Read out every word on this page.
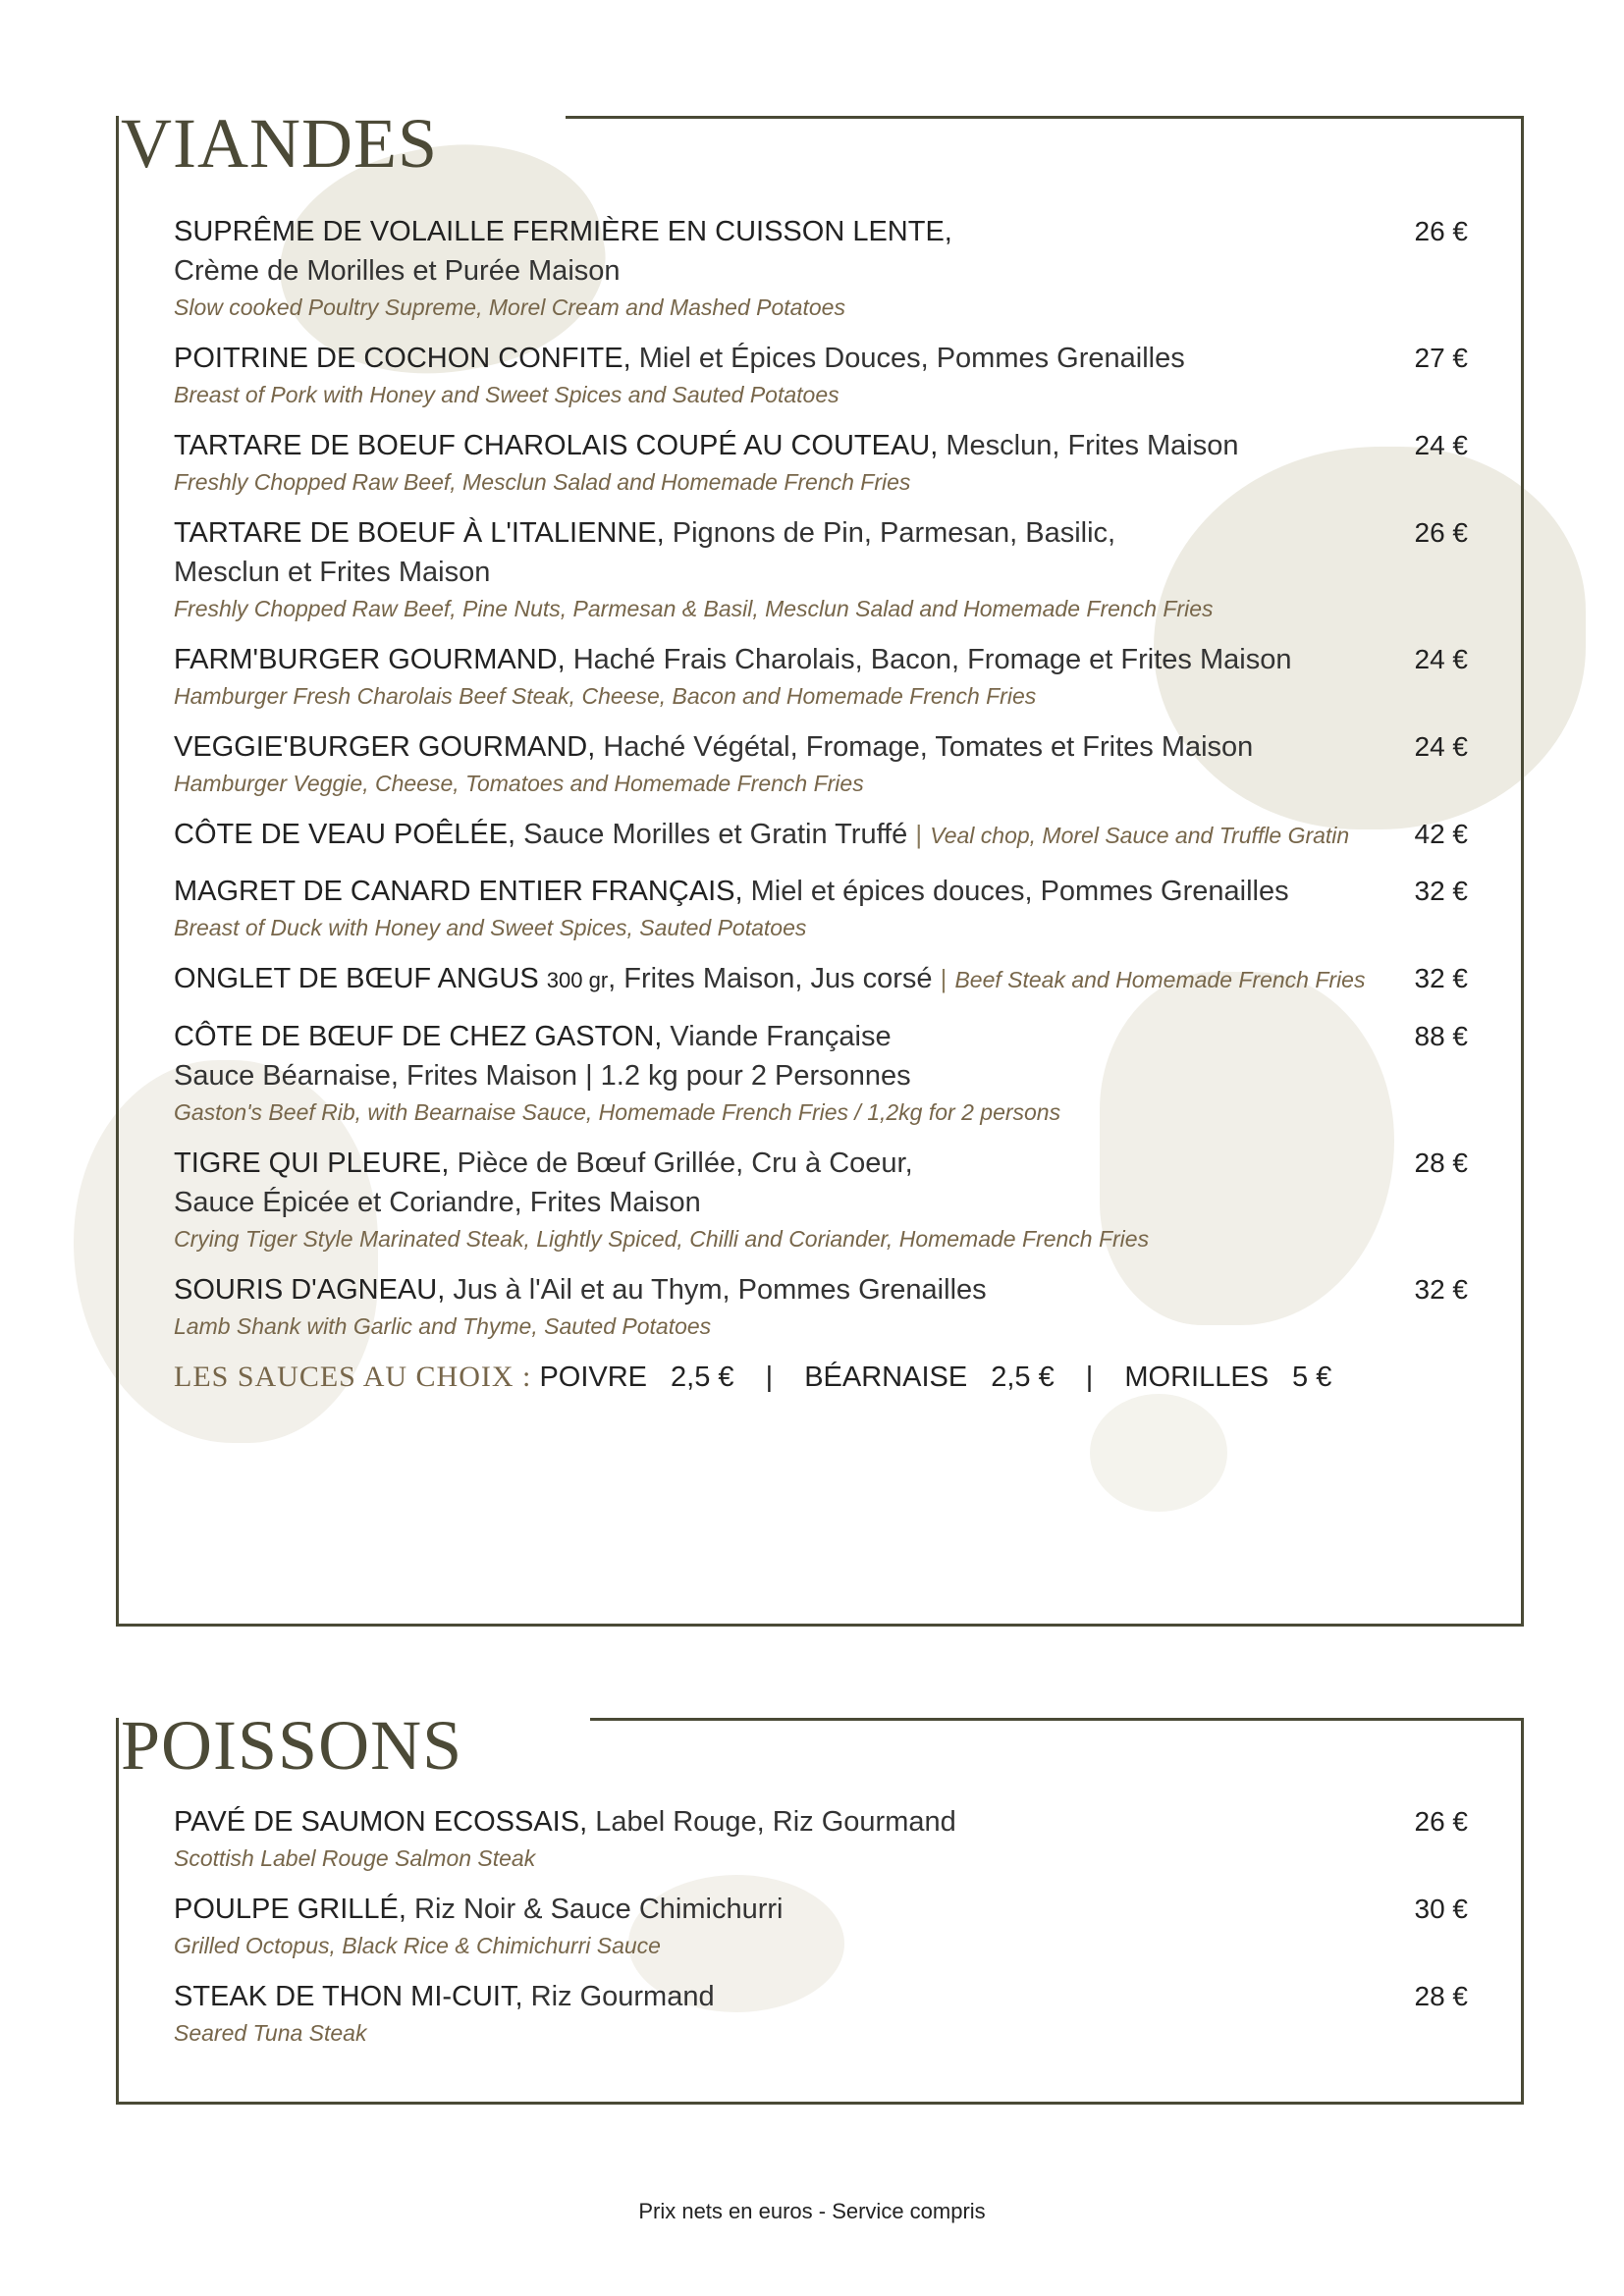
VIANDES
SUPRÊME DE VOLAILLE FERMIÈRE EN CUISSON LENTE,
Crème de Morilles et Purée Maison
Slow cooked Poultry Supreme, Morel Cream and Mashed Potatoes
26 €
POITRINE DE COCHON CONFITE, Miel et Épices Douces, Pommes Grenailles
Breast of Pork with Honey and Sweet Spices and Sauted Potatoes
27 €
TARTARE DE BOEUF CHAROLAIS COUPÉ AU COUTEAU, Mesclun, Frites Maison
Freshly Chopped Raw Beef, Mesclun Salad and Homemade French Fries
24 €
TARTARE DE BOEUF À L'ITALIENNE, Pignons de Pin, Parmesan, Basilic,
Mesclun et Frites Maison
Freshly Chopped Raw Beef, Pine Nuts, Parmesan & Basil, Mesclun Salad and Homemade French Fries
26 €
FARM'BURGER GOURMAND, Haché Frais Charolais, Bacon, Fromage et Frites Maison
Hamburger Fresh Charolais Beef Steak, Cheese, Bacon and Homemade French Fries
24 €
VEGGIE'BURGER GOURMAND, Haché Végétal, Fromage, Tomates et Frites Maison
Hamburger Veggie, Cheese, Tomatoes and Homemade French Fries
24 €
CÔTE DE VEAU POÊLÉE, Sauce Morilles et Gratin Truffé | Veal chop, Morel Sauce and Truffle Gratin	42 €
MAGRET DE CANARD ENTIER FRANÇAIS, Miel et épices douces, Pommes Grenailles
Breast of Duck with Honey and Sweet Spices, Sauted Potatoes
32 €
ONGLET DE BŒUF ANGUS 300 gr, Frites Maison, Jus corsé | Beef Steak and Homemade French Fries	32 €
CÔTE DE BŒUF DE CHEZ GASTON, Viande Française
Sauce Béarnaise, Frites Maison | 1.2 kg pour 2 Personnes
Gaston's Beef Rib, with Bearnaise Sauce, Homemade French Fries / 1,2kg for 2 persons
88 €
TIGRE QUI PLEURE, Pièce de Bœuf Grillée, Cru à Coeur,
Sauce Épicée et Coriandre, Frites Maison
Crying Tiger Style Marinated Steak, Lightly Spiced, Chilli and Coriander, Homemade French Fries
28 €
SOURIS D'AGNEAU, Jus à l'Ail et au Thym, Pommes Grenailles
Lamb Shank with Garlic and Thyme, Sauted Potatoes
32 €
LES SAUCES AU CHOIX : POIVRE 2,5 € | BÉARNAISE 2,5 € | MORILLES 5 €
POISSONS
PAVÉ DE SAUMON ECOSSAIS, Label Rouge, Riz Gourmand
Scottish Label Rouge Salmon Steak
26 €
POULPE GRILLÉ, Riz Noir & Sauce Chimichurri
Grilled Octopus, Black Rice & Chimichurri Sauce
30 €
STEAK DE THON MI-CUIT, Riz Gourmand
Seared Tuna Steak
28 €
Prix nets en euros - Service compris
